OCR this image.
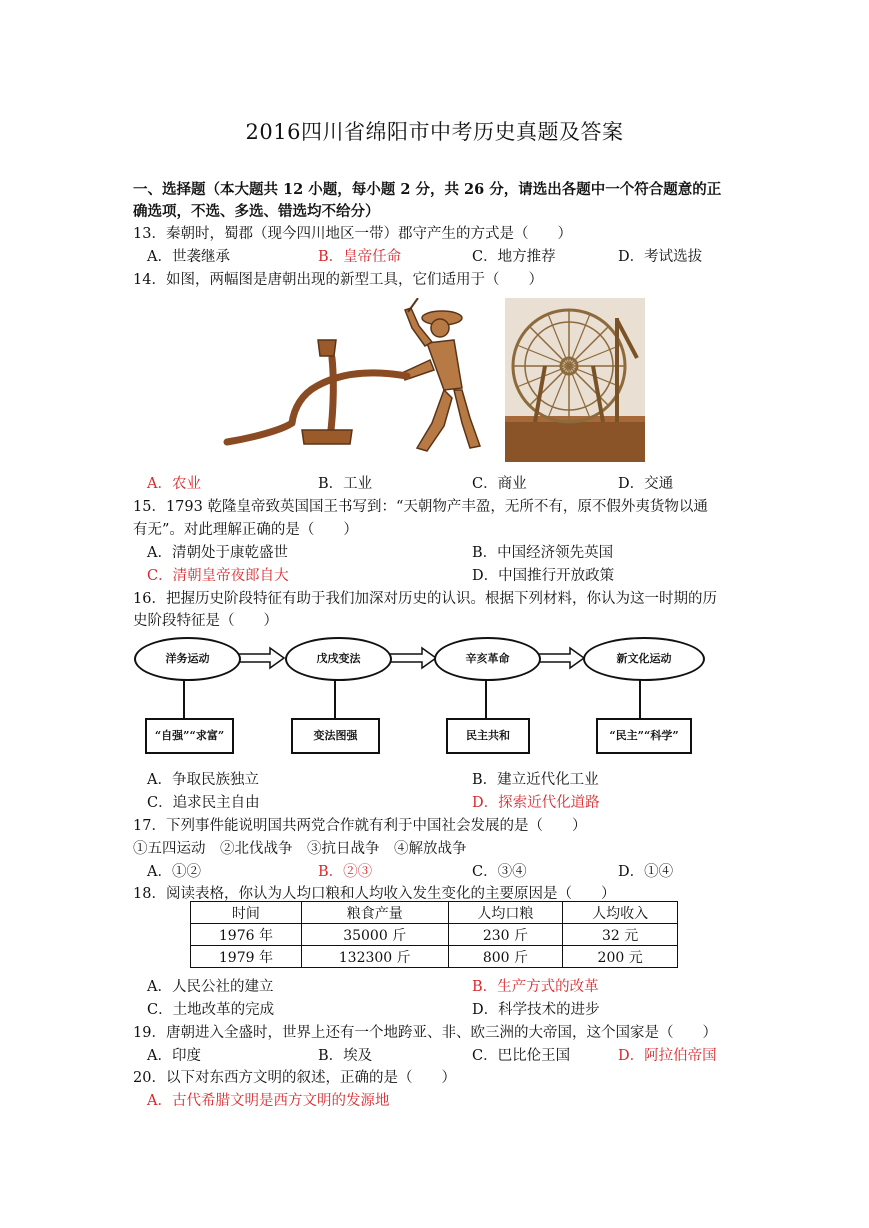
2016四川省绵阳市中考历史真题及答案
一、选择题（本大题共 12 小题，每小题 2 分，共 26 分，请选出各题中一个符合题意的正
确选项，不选、多选、错选均不给分）
13．秦朝时，蜀郡（现今四川地区一带）郡守产生的方式是（　　）
A．世袭继承	B．皇帝任命	C．地方推荐	D．考试选拔
14．如图，两幅图是唐朝出现的新型工具，它们适用于（　　）
A．农业	B．工业	C．商业	D．交通
15．1793 乾隆皇帝致英国国王书写到：“天朝物产丰盈，无所不有，原不假外夷货物以通
有无”。对此理解正确的是（　　）
A．清朝处于康乾盛世	B．中国经济领先英国
C．清朝皇帝夜郎自大	D．中国推行开放政策
16．把握历史阶段特征有助于我们加深对历史的认识。根据下列材料，你认为这一时期的历
史阶段特征是（　　）
洋务运动	戊戌变法	辛亥革命	新文化运动
“自强”“求富”	变法图强	民主共和	“民主”“科学”
A．争取民族独立	B．建立近代化工业
C．追求民主自由	D．探索近代化道路
17．下列事件能说明国共两党合作就有利于中国社会发展的是（　　）
①五四运动　②北伐战争　③抗日战争　④解放战争
A．①②	B．②③	C．③④	D．①④
18．阅读表格，你认为人均口粮和人均收入发生变化的主要原因是（　　）
时间	粮食产量	人均口粮	人均收入
1976 年	35000 斤	230 斤	32 元
1979 年	132300 斤	800 斤	200 元
A．人民公社的建立	B．生产方式的改革
C．土地改革的完成	D．科学技术的进步
19．唐朝进入全盛时，世界上还有一个地跨亚、非、欧三洲的大帝国，这个国家是（　　）
A．印度	B．埃及	C．巴比伦王国	D．阿拉伯帝国
20．以下对东西方文明的叙述，正确的是（　　）
A．古代希腊文明是西方文明的发源地
